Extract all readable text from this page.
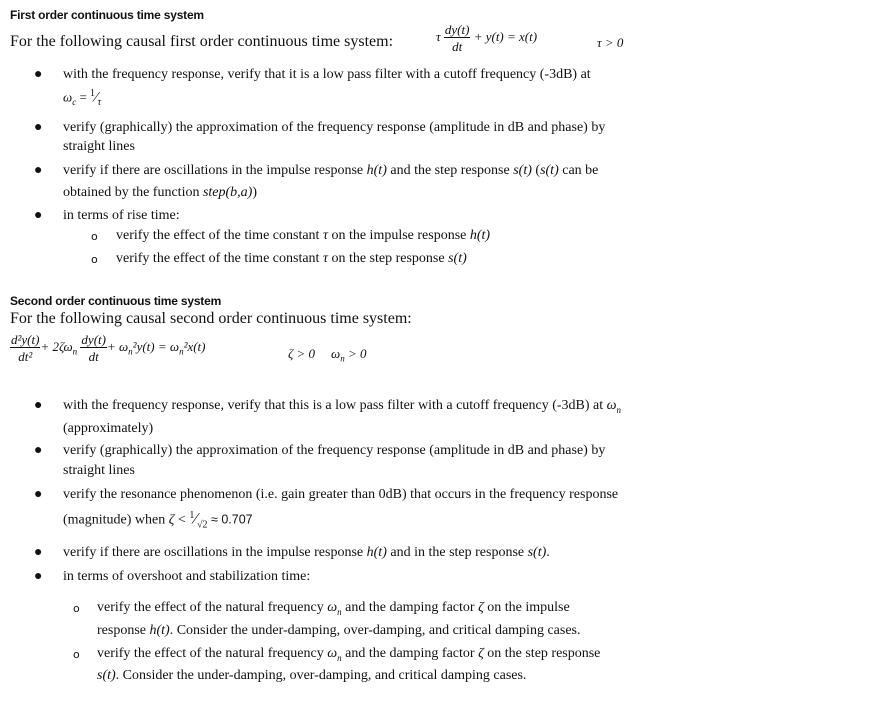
First order continuous time system
For the following causal first order continuous time system:	τ $\frac{dy(t)}{dt} + y(t) = x(t)$	τ > 0
● with the frequency response, verify that it is a low pass filter with a cutoff frequency (-3dB) at
$\omega_c$ = $^1⁄_\tau$
● verify (graphically) the approximation of the frequency response (amplitude in dB and phase) by
straight lines
● verify if there are oscillations in the impulse response h(t) and the step response s(t) (s(t) can be
obtained by the function step(b,a))
● in terms of rise time:
o verify the effect of the time constant τ on the impulse response h(t)
o verify the effect of the time constant τ on the step response s(t)
Second order continuous time system
For the following causal second order continuous time system:
$\frac{\text{d²y(t)}}{\text{dt²}} + 2\zeta\omega_n \frac{dy(t)}{dt} + \omega_n^2y(t) = \omega_n^2x(t)$	ζ > 0 $\omega_n > 0$
● with the frequency response, verify that this is a low pass filter with a cutoff frequency (-3dB) at $\omega_n$
(approximately)
● verify (graphically) the approximation of the frequency response (amplitude in dB and phase) by
straight lines
● verify the resonance phenomenon (i.e. gain greater than 0dB) that occurs in the frequency response
(magnitude) when $\zeta < ^1⁄_{√2} \approx 0.707$
● verify if there are oscillations in the impulse response h(t) and in the step response s(t).
● in terms of overshoot and stabilization time:
o verify the effect of the natural frequency $\omega_n$ and the damping factor ζ on the impulse
response h(t). Consider the under-damping, over-damping, and critical damping cases.
o verify the effect of the natural frequency $\omega_n$ and the damping factor ζ on the step response
s(t). Consider the under-damping, over-damping, and critical damping cases.
